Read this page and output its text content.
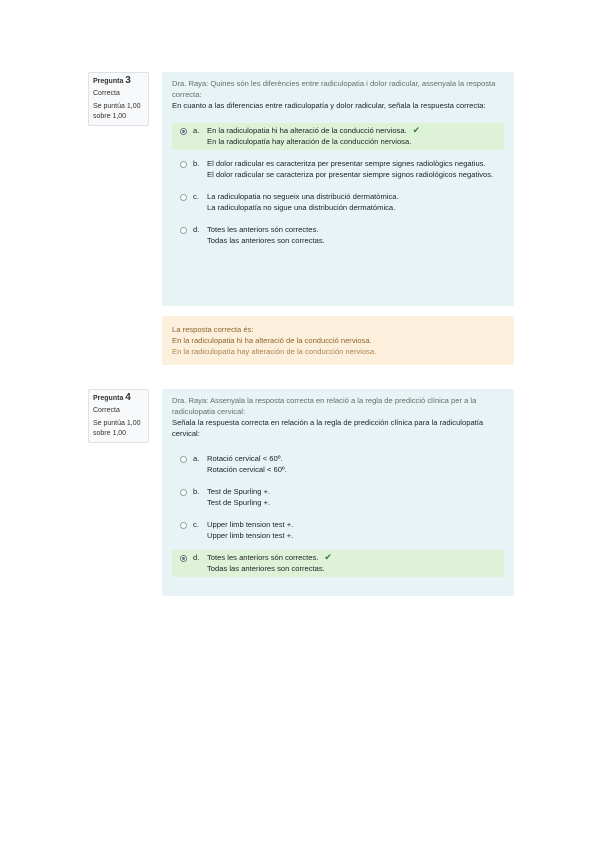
Pregunta 3
Correcta
Se puntúa 1,00
sobre 1,00

Dra. Raya: Quines són les diferències entre radiculopatia i dolor radicular, assenyala la resposta correcta:

En cuanto a las diferencias entre radiculopatía y dolor radicular, señala la respuesta correcta:

a.	En la radiculopatia hi ha alteració de la conducció nerviosa. ✔
En la radiculopatía hay alteración de la conducción nerviosa.
b.	El dolor radicular es caracteritza per presentar sempre signes radiològics negatius.
El dolor radicular se caracteriza por presentar siempre signos radiológicos negativos.
c.	La radiculopatia no segueix una distribució dermatòmica.
La radiculopatía no sigue una distribución dermatómica.
d.	Totes les anteriors són correctes.
Todas las anteriores son correctas.

La resposta correcta és:

En la radiculopatia hi ha alteració de la conducció nerviosa.

En la radiculopatía hay alteración de la conducción nerviosa.

Pregunta 4
Correcta
Se puntúa 1,00
sobre 1,00

Dra. Raya: Assenyala la resposta correcta en relació a la regla de predicció clínica per a la radiculopatia cervical:

Señala la respuesta correcta en relación a la regla de predicción clínica para la radiculopatía cervical:

a.	Rotació cervical < 60º.
Rotación cervical < 60º.
b.	Test de Spurling +.
Test de Spurling +.
c.	Upper limb tension test +.
Upper limb tension test +.
d.	Totes les anteriors són correctes. ✔
Todas las anteriores son correctas.
